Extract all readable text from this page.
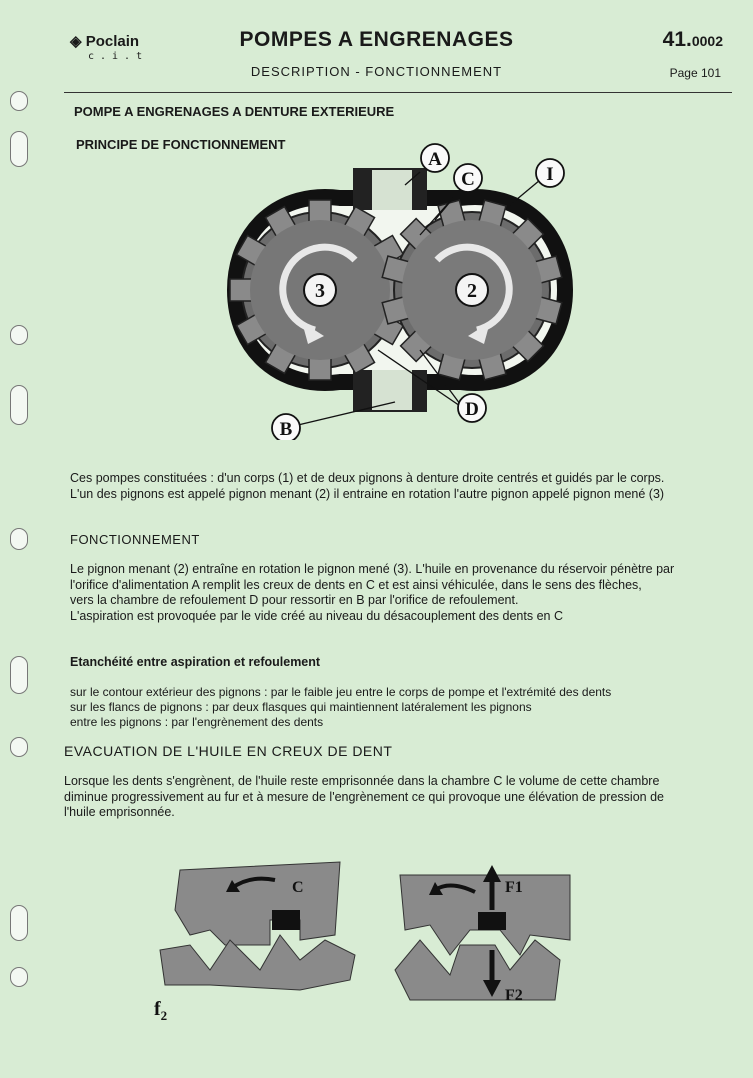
◈ Poclain
c.i.t
POMPES A ENGRENAGES
DESCRIPTION - FONCTIONNEMENT
41.0002
Page 101
POMPE A ENGRENAGES A DENTURE EXTERIEURE
PRINCIPE DE FONCTIONNEMENT
3	2
A
C	I
B
D
Ces pompes constituées : d'un corps (1) et de deux pignons à denture droite centrés et guidés par le corps.
L'un des pignons est appelé pignon menant (2) il entraine en rotation l'autre pignon appelé pignon mené (3)
FONCTIONNEMENT
Le pignon menant (2) entraîne en rotation le pignon mené (3). L'huile en provenance du réservoir pénètre par
l'orifice d'alimentation A remplit les creux de dents en C et est ainsi véhiculée, dans le sens des flèches,
vers la chambre de refoulement D pour ressortir en B par l'orifice de refoulement.
L'aspiration est provoquée par le vide créé au niveau du désacouplement des dents en C
Etanchéité entre aspiration et refoulement
sur le contour extérieur des pignons : par le faible jeu entre le corps de pompe et l'extrémité des dents
sur les flancs de pignons : par deux flasques qui maintiennent latéralement les pignons
entre les pignons : par l'engrènement des dents
EVACUATION DE L'HUILE EN CREUX DE DENT
Lorsque les dents s'engrènent, de l'huile reste emprisonnée dans la chambre C le volume de cette chambre
diminue progressivement au fur et à mesure de l'engrènement ce qui provoque une élévation de pression de
l'huile emprisonnée.
C
$f_2$
F1
F2
